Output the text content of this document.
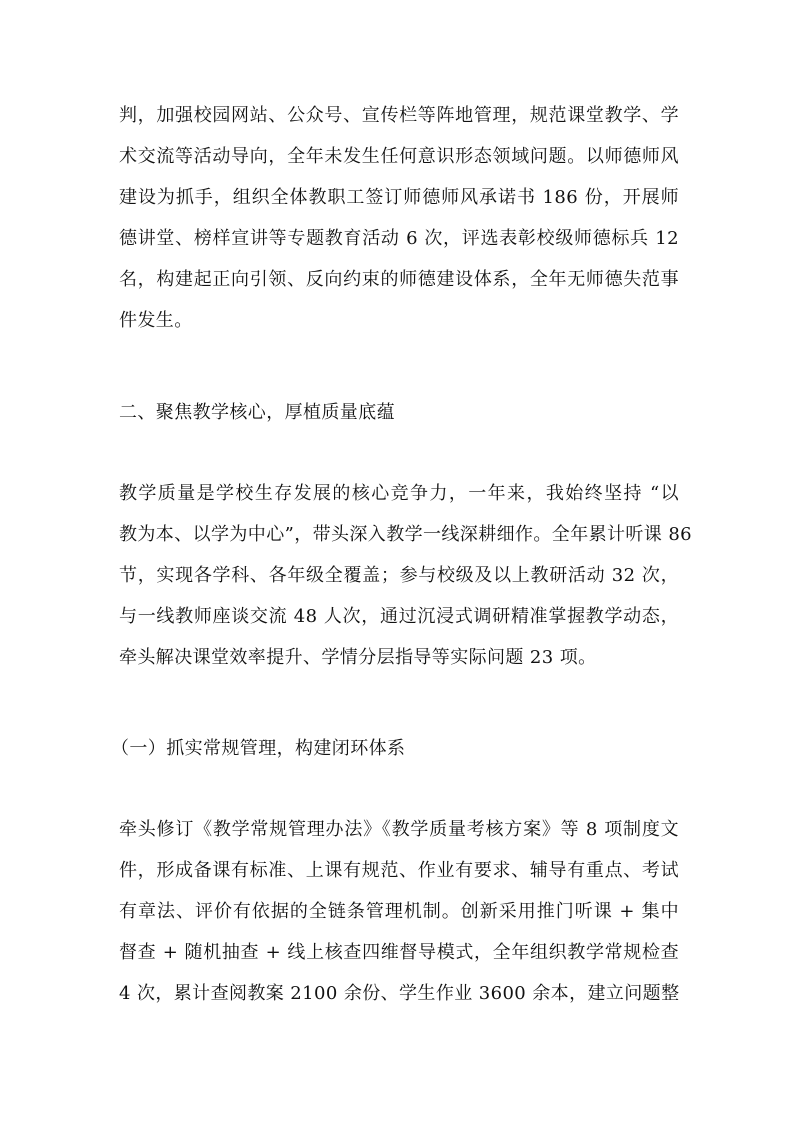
判，加强校园网站、公众号、宣传栏等阵地管理，规范课堂教学、学
术交流等活动导向，全年未发生任何意识形态领域问题。以师德师风
建设为抓手，组织全体教职工签订师德师风承诺书 186 份，开展师
德讲堂、榜样宣讲等专题教育活动 6 次，评选表彰校级师德标兵 12
名，构建起正向引领、反向约束的师德建设体系，全年无师德失范事
件发生。
二、聚焦教学核心，厚植质量底蕴
教学质量是学校生存发展的核心竞争力，一年来，我始终坚持 “以
教为本、以学为中心”，带头深入教学一线深耕细作。全年累计听课 86
节，实现各学科、各年级全覆盖；参与校级及以上教研活动 32 次，
与一线教师座谈交流 48 人次，通过沉浸式调研精准掌握教学动态，
牵头解决课堂效率提升、学情分层指导等实际问题 23 项。
（一）抓实常规管理，构建闭环体系
牵头修订《教学常规管理办法》《教学质量考核方案》等 8 项制度文
件，形成备课有标准、上课有规范、作业有要求、辅导有重点、考试
有章法、评价有依据的全链条管理机制。创新采用推门听课 + 集中
督查 + 随机抽查 + 线上核查四维督导模式，全年组织教学常规检查
4 次，累计查阅教案 2100 余份、学生作业 3600 余本，建立问题整
